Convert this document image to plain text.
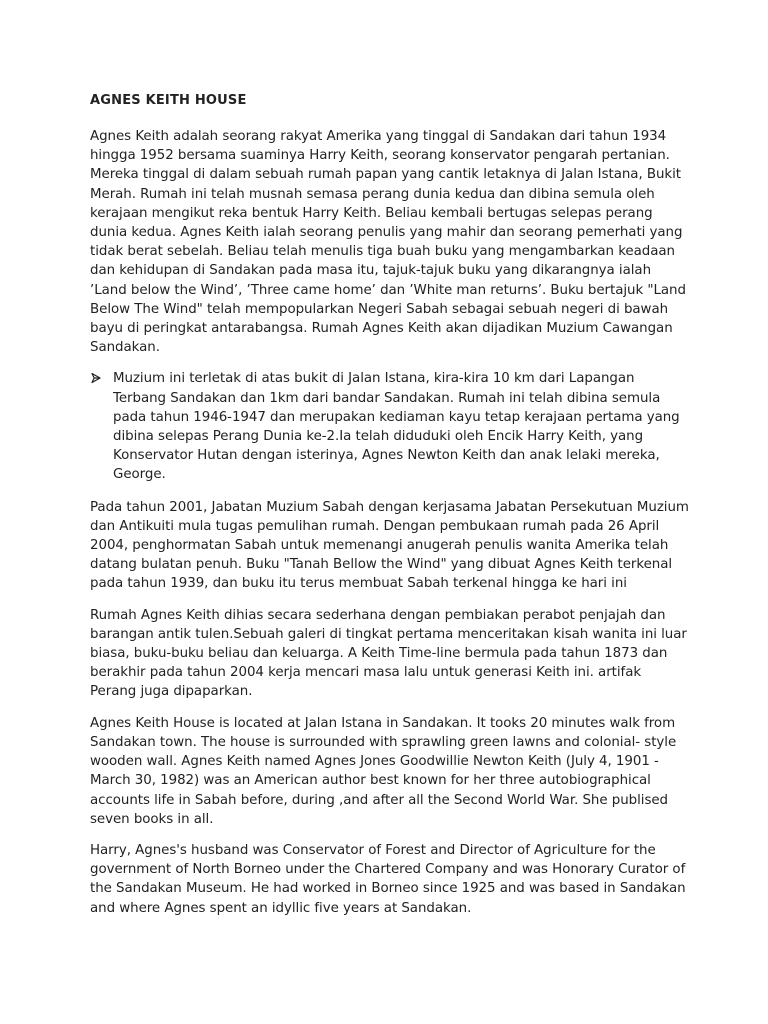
AGNES KEITH HOUSE

Agnes Keith adalah seorang rakyat Amerika yang tinggal di Sandakan dari tahun 1934 hingga 1952 bersama suaminya Harry Keith, seorang konservator pengarah pertanian. Mereka tinggal di dalam sebuah rumah papan yang cantik letaknya di Jalan Istana, Bukit Merah. Rumah ini telah musnah semasa perang dunia kedua dan dibina semula oleh kerajaan mengikut reka bentuk Harry Keith. Beliau kembali bertugas selepas perang dunia kedua. Agnes Keith ialah seorang penulis yang mahir dan seorang pemerhati yang tidak berat sebelah. Beliau telah menulis tiga buah buku yang mengambarkan keadaan dan kehidupan di Sandakan pada masa itu, tajuk-tajuk buku yang dikarangnya ialah ’Land below the Wind’, ’Three came home’ dan ’White man returns’. Buku bertajuk "Land Below The Wind" telah mempopularkan Negeri Sabah sebagai sebuah negeri di bawah bayu di peringkat antarabangsa. Rumah Agnes Keith akan dijadikan Muzium Cawangan Sandakan.

Muzium ini terletak di atas bukit di Jalan Istana, kira-kira 10 km dari Lapangan Terbang Sandakan dan 1km dari bandar Sandakan. Rumah ini telah dibina semula pada tahun 1946-1947 dan merupakan kediaman kayu tetap kerajaan pertama yang dibina selepas Perang Dunia ke-2.Ia telah diduduki oleh Encik Harry Keith, yang Konservator Hutan dengan isterinya, Agnes Newton Keith dan anak lelaki mereka, George.

Pada tahun 2001, Jabatan Muzium Sabah dengan kerjasama Jabatan Persekutuan Muzium dan Antikuiti mula tugas pemulihan rumah. Dengan pembukaan rumah pada 26 April 2004, penghormatan Sabah untuk memenangi anugerah penulis wanita Amerika telah datang bulatan penuh. Buku "Tanah Bellow the Wind" yang dibuat Agnes Keith terkenal pada tahun 1939, dan buku itu terus membuat Sabah terkenal hingga ke hari ini

Rumah Agnes Keith dihias secara sederhana dengan pembiakan perabot penjajah dan barangan antik tulen.Sebuah galeri di tingkat pertama menceritakan kisah wanita ini luar biasa, buku-buku beliau dan keluarga. A Keith Time-line bermula pada tahun 1873 dan berakhir pada tahun 2004 kerja mencari masa lalu untuk generasi Keith ini. artifak Perang juga dipaparkan.

Agnes Keith House is located at Jalan Istana in Sandakan. It tooks 20 minutes walk from Sandakan town. The house is surrounded with sprawling green lawns and colonial- style wooden wall. Agnes Keith named Agnes Jones Goodwillie Newton Keith (July 4, 1901 - March 30, 1982) was an American author best known for her three autobiographical accounts life in Sabah before, during ,and after all the Second World War. She publised seven books in all.

Harry, Agnes's husband was Conservator of Forest and Director of Agriculture for the government of North Borneo under the Chartered Company and was Honorary Curator of the Sandakan Museum. He had worked in Borneo since 1925 and was based in Sandakan and where Agnes spent an idyllic five years at Sandakan.
